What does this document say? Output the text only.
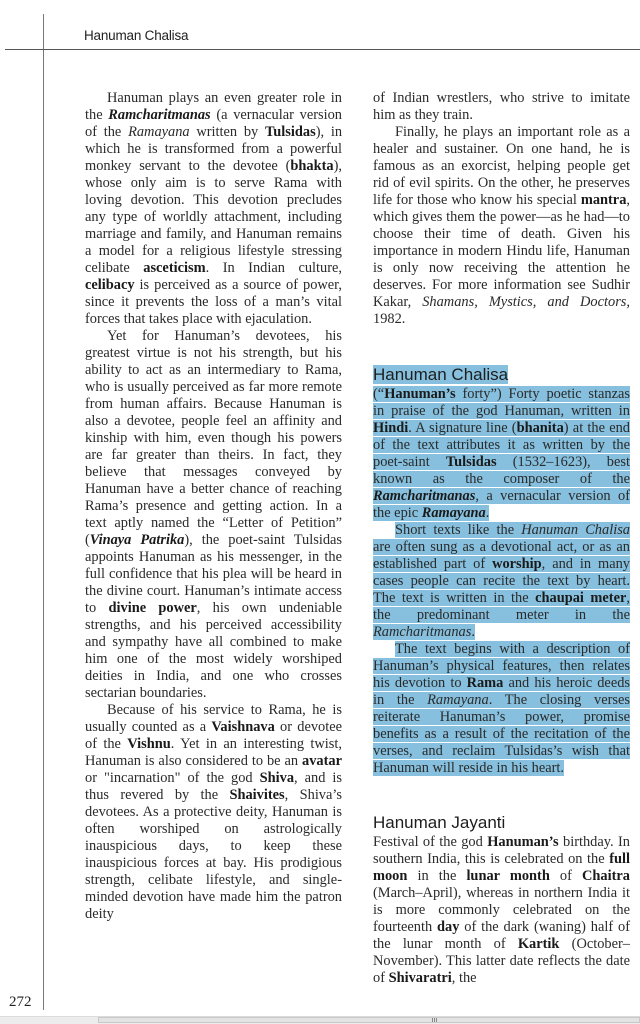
Hanuman Chalisa
272

Hanuman plays an even greater role in the Ramcharitmanas (a vernacular version of the Ramayana written by Tulsidas), in which he is transformed from a powerful monkey servant to the devotee (bhakta), whose only aim is to serve Rama with loving devotion. This devotion precludes any type of worldly attachment, including marriage and family, and Hanuman remains a model for a religious lifestyle stressing celibate asceticism. In Indian culture, celibacy is perceived as a source of power, since it prevents the loss of a man’s vital forces that takes place with ejaculation.

Yet for Hanuman’s devotees, his greatest virtue is not his strength, but his ability to act as an intermediary to Rama, who is usually perceived as far more remote from human affairs. Because Hanuman is also a devotee, people feel an affinity and kinship with him, even though his powers are far greater than theirs. In fact, they believe that messages conveyed by Hanuman have a better chance of reaching Rama’s presence and getting action. In a text aptly named the “Letter of Petition” (Vinaya Patrika), the poet-saint Tulsidas appoints Hanuman as his messenger, in the full confidence that his plea will be heard in the divine court. Hanuman’s intimate access to divine power, his own undeniable strengths, and his perceived accessibility and sympathy have all combined to make him one of the most widely worshiped deities in India, and one who crosses sectarian boundaries.

Because of his service to Rama, he is usually counted as a Vaishnava or devotee of the Vishnu. Yet in an interesting twist, Hanuman is also considered to be an avatar or "incarnation" of the god Shiva, and is thus revered by the Shaivites, Shiva’s devotees. As a protective deity, Hanuman is often worshiped on astrologically inauspicious days, to keep these inauspicious forces at bay. His prodigious strength, celibate lifestyle, and single-minded devotion have made him the patron deity

of Indian wrestlers, who strive to imitate him as they train.

Finally, he plays an important role as a healer and sustainer. On one hand, he is famous as an exorcist, helping people get rid of evil spirits. On the other, he preserves life for those who know his special mantra, which gives them the power—as he had—to choose their time of death. Given his importance in modern Hindu life, Hanuman is only now receiving the attention he deserves. For more information see Sudhir Kakar, Shamans, Mystics, and Doctors, 1982.

Hanuman Chalisa

(“Hanuman’s forty”) Forty poetic stanzas in praise of the god Hanuman, written in Hindi. A signature line (bhanita) at the end of the text attributes it as written by the poet-saint Tulsidas (1532–1623), best known as the composer of the Ramcharitmanas, a vernacular version of the epic Ramayana.

Short texts like the Hanuman Chalisa are often sung as a devotional act, or as an established part of worship, and in many cases people can recite the text by heart. The text is written in the chaupai meter, the predominant meter in the Ramcharitmanas.

The text begins with a description of Hanuman’s physical features, then relates his devotion to Rama and his heroic deeds in the Ramayana. The closing verses reiterate Hanuman’s power, promise benefits as a result of the recitation of the verses, and reclaim Tulsidas’s wish that Hanuman will reside in his heart.

Hanuman Jayanti

Festival of the god Hanuman’s birthday. In southern India, this is celebrated on the full moon in the lunar month of Chaitra (March–April), whereas in northern India it is more commonly celebrated on the fourteenth day of the dark (waning) half of the lunar month of Kartik (October–November). This latter date reflects the date of Shivaratri, the
